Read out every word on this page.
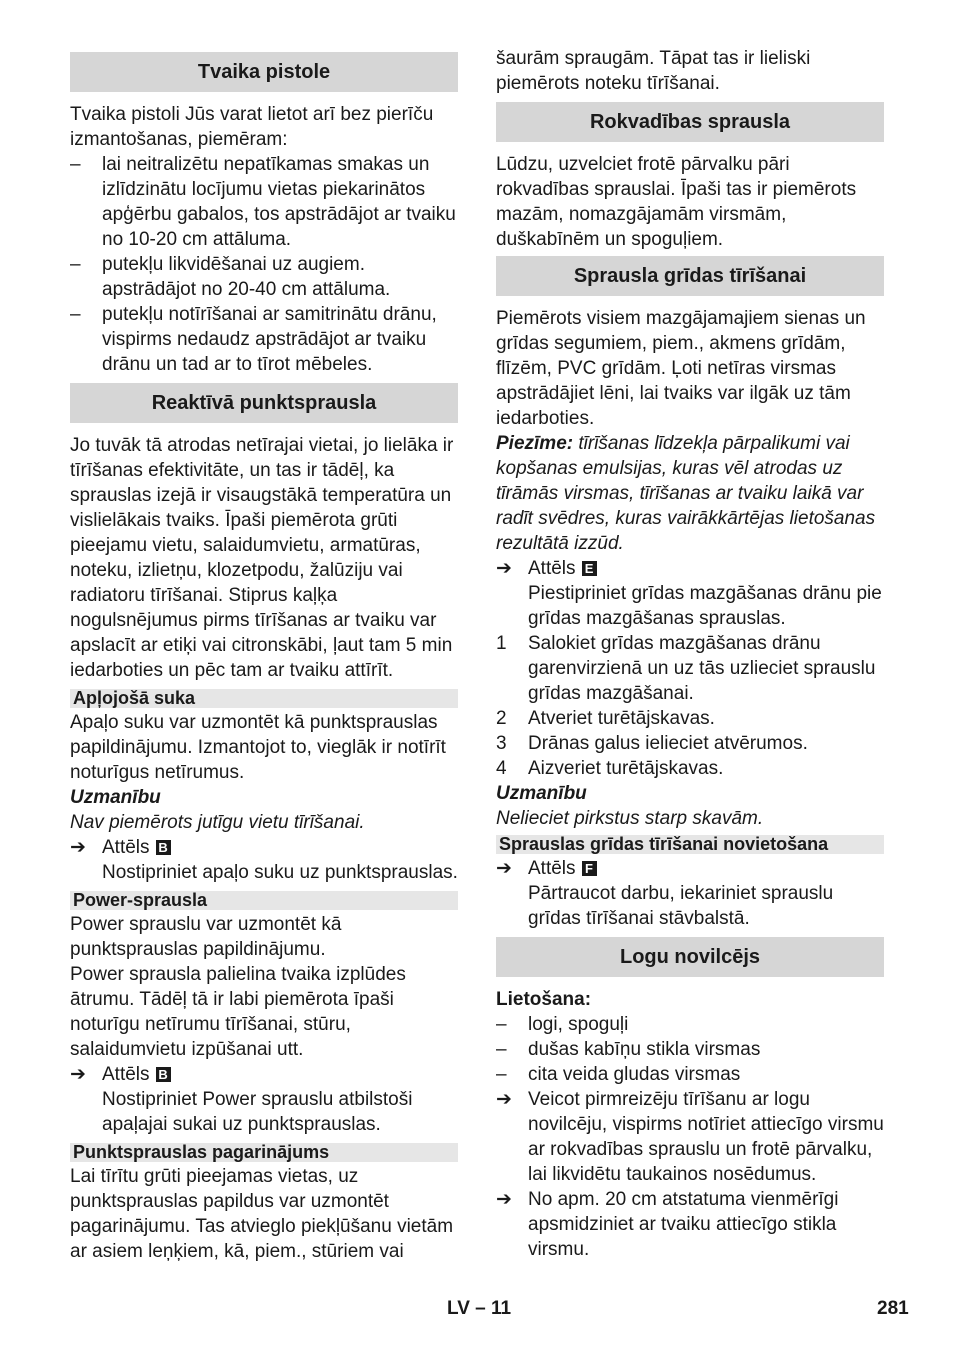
Tvaika pistole

Tvaika pistoli Jūs varat lietot arī bez pierīču izmantošanas, piemēram:

–	lai neitralizētu nepatīkamas smakas un izlīdzinātu locījumu vietas piekarinātos apģērbu gabalos, tos apstrādājot ar tvaiku no 10-20 cm attāluma.
–	putekļu likvidēšanai uz augiem. apstrādājot no 20-40 cm attāluma.
–	putekļu notīrīšanai ar samitrinātu drānu, vispirms nedaudz apstrādājot ar tvaiku drānu un tad ar to tīrot mēbeles.
Reaktīvā punktsprausla

Jo tuvāk tā atrodas netīrajai vietai, jo lielāka ir tīrīšanas efektivitāte, un tas ir tādēļ, ka sprauslas izejā ir visaugstākā temperatūra un vislielākais tvaiks. Īpaši piemērota grūti pieejamu vietu, salaidumvietu, armatūras, noteku, izlietņu, klozetpodu, žalūziju vai radiatoru tīrīšanai. Stiprus kaļķa nogulsnējumus pirms tīrīšanas ar tvaiku var apslacīt ar etiķi vai citronskābi, ļaut tam 5 min iedarboties un pēc tam ar tvaiku attīrīt.

Apļojošā suka

Apaļo suku var uzmontēt kā punktsprauslas papildinājumu. Izmantojot to, vieglāk ir notīrīt noturīgus netīrumus.

Uzmanību

Nav piemērots jutīgu vietu tīrīšanai.

➔ Attēls B

Nostipriniet apaļo suku uz punktsprauslas.

Power-sprausla

Power sprauslu var uzmontēt kā punktsprauslas papildinājumu.

Power sprausla palielina tvaika izplūdes ātrumu. Tādēļ tā ir labi piemērota īpaši noturīgu netīrumu tīrīšanai, stūru, salaidumvietu izpūšanai utt.

➔ Attēls B

Nostipriniet Power sprauslu atbilstoši apaļajai sukai uz punktsprauslas.

Punktsprauslas pagarinājums

Lai tīrītu grūti pieejamas vietas, uz punktsprauslas papildus var uzmontēt pagarinājumu. Tas atvieglo piekļūšanu vietām ar asiem leņķiem, kā, piem., stūriem vai

šaurām spraugām. Tāpat tas ir lieliski piemērots noteku tīrīšanai.

Rokvadības sprausla

Lūdzu, uzvelciet frotē pārvalku pāri rokvadības sprauslai. Īpaši tas ir piemērots mazām, nomazgājamām virsmām, duškabīnēm un spoguļiem.

Sprausla grīdas tīrīšanai

Piemērots visiem mazgājamajiem sienas un grīdas segumiem, piem., akmens grīdām, flīzēm, PVC grīdām. Ļoti netīras virsmas apstrādājiet lēni, lai tvaiks var ilgāk uz tām iedarboties.

Piezīme: tīrīšanas līdzekļa pārpalikumi vai kopšanas emulsijas, kuras vēl atrodas uz tīrāmās virsmas, tīrīšanas ar tvaiku laikā var radīt svēdres, kuras vairākkārtējas lietošanas rezultātā izzūd.

➔ Attēls E

Piestipriniet grīdas mazgāšanas drānu pie grīdas mazgāšanas sprauslas.

1	Salokiet grīdas mazgāšanas drānu garenvirzienā un uz tās uzlieciet sprauslu grīdas mazgāšanai.
2	Atveriet turētājskavas.
3	Drānas galus ielieciet atvērumos.
4	Aizveriet turētājskavas.

Uzmanību

Nelieciet pirkstus starp skavām.

Sprauslas grīdas tīrīšanai novietošana
➔ Attēls F

Pārtraucot darbu, iekariniet sprauslu grīdas tīrīšanai stāvbalstā.

Logu novilcējs

Lietošana:

–	logi, spoguļi
–	dušas kabīņu stikla virsmas
–	cita veida gludas virsmas
➔ Veicot pirmreizēju tīrīšanu ar logu novilcēju, vispirms notīriet attiecīgo virsmu ar rokvadības sprauslu un frotē pārvalku, lai likvidētu taukainos nosēdumus.
➔ No apm. 20 cm atstatuma vienmērīgi apsmidziniet ar tvaiku attiecīgo stikla virsmu.
LV – 11	281
